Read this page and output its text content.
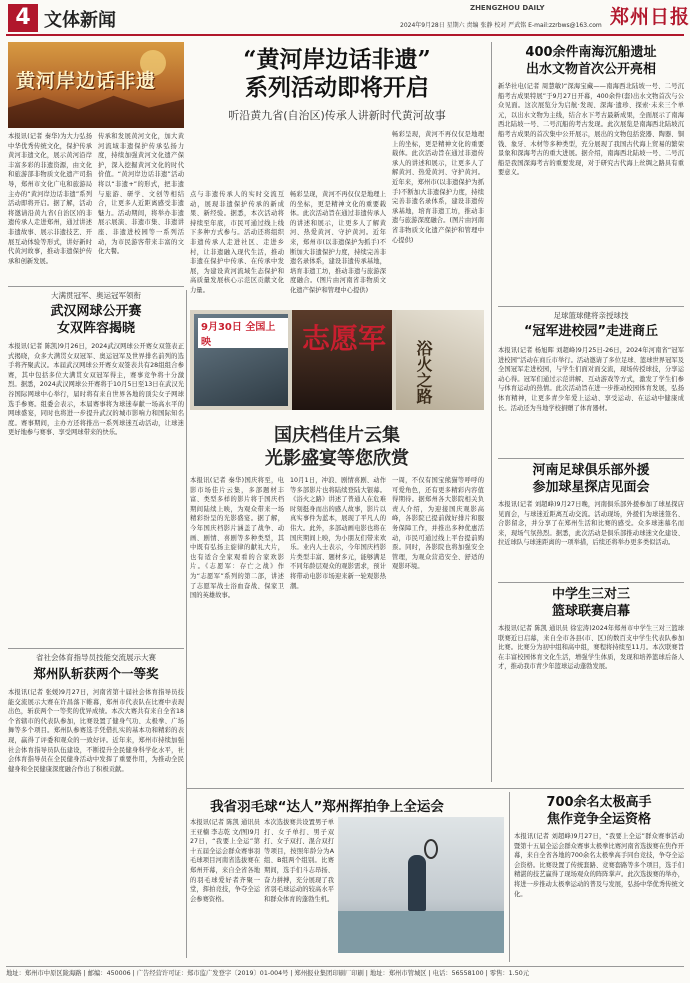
4 文体新闻
ZHENGZHOU DAILY	郑州日报
2024年9月28日 星期六 责编 张静 校对 严武铭 E-mail:zzrbws@163.com
黄河岸边话非遗
“黄河岸边话非遗”
系列活动即将开启
听沿黄九省(自治区)传承人讲新时代黄河故事
本报讯(记者 秦华)为大力弘扬中华优秀传统文化，保护传承黄河非遗文化，展示黄河沿岸丰富多彩的非遗资源，由文化和旅游部非物质文化遗产司指导，郑州市文化广电和旅游局主办的“黄河岸边话非遗”系列活动即将开启。据了解，活动将邀请沿黄九省(自治区)的非遗传承人走进郑州，通过讲述非遗故事、展示非遗技艺、开展互动体验等形式，讲好新时代黄河故事，推动非遗保护传承和创新发展。
传承和发展黄河文化，加大黄河流域非遗保护传承弘扬力度，持续加强黄河文化遗产保护，深入挖掘黄河文化的时代价值。“黄河岸边话非遗”活动将以“非遗+”的形式，把非遗与旅游、研学、文创等相结合，让更多人近距离感受非遗魅力。活动期间，将举办非遗展示展演、非遗市集、非遗讲座、非遗进校园等一系列活动，为市民游客带来丰富的文化大餐。
点与非遗传承人的实时交流互动，展现非遗保护传承的新成果、新经验。据悉，本次活动将持续至年底，市民可通过线上线下多种方式参与。活动还将组织非遗传承人走进社区、走进乡村，让非遗融入现代生活，推动非遗在保护中传承、在传承中发展，为建设黄河流域生态保护和高质量发展核心示范区贡献文化力量。
畅彩呈现，黄河不再仅仅是地理上的坐标，更是精神文化的重要载体。此次活动旨在通过非遗传承人的讲述和展示，让更多人了解黄河、热爱黄河、守护黄河。近年来，郑州市(以非遗保护为抓手)不断加大非遗保护力度，持续完善非遗名录体系，建设非遗传承基地，培育非遗工坊，推动非遗与旅游深度融合。(图片由河南省非物质文化遗产保护和管理中心提供)
畅彩呈现，黄河不再仅仅是地理上的坐标，更是精神文化的重要载体。此次活动旨在通过非遗传承人的讲述和展示，让更多人了解黄河、热爱黄河、守护黄河。近年来，郑州市(以非遗保护为抓手)不断加大非遗保护力度，持续完善非遗名录体系，建设非遗传承基地，培育非遗工坊，推动非遗与旅游深度融合。(图片由河南省非物质文化遗产保护和管理中心提供)
大满贯冠军、奥运冠军领衔
武汉网球公开赛
女双阵容揭晓
本报讯(记者 陈凯)9月26日，2024武汉网球公开赛女双签表正式揭晓，众多大满贯女双冠军、奥运冠军及世界排名前列的选手将齐聚武汉。本届武汉网球公开赛女双签表共有28组组合参赛，其中包括多位大满贯女双冠军得主，赛事竞争将十分激烈。据悉，2024武汉网球公开赛将于10月5日至13日在武汉光谷国际网球中心举行，届时将有来自世界各地的顶尖女子网球选手参赛。组委会表示，本届赛事将为球迷奉献一场高水平的网球盛宴，同时也将进一步提升武汉的城市影响力和国际知名度。赛事期间，主办方还将推出一系列球迷互动活动，让球迷更好地参与赛事、享受网球带来的快乐。
省社会体育指导员技能交流展示大赛
郑州队斩获两个一等奖
本报讯(记者 张媛)9月27日，河南省第十届社会体育指导员技能交流展示大赛在许昌落下帷幕，郑州市代表队在比赛中表现出色，斩获两个一等奖的优异成绩。本次大赛共有来自全省18个省辖市的代表队参加，比赛设置了健身气功、太极拳、广场舞等多个项目。郑州队参赛选手凭借扎实的基本功和精彩的表现，赢得了评委和观众的一致好评。近年来，郑州市持续加强社会体育指导员队伍建设，不断提升全民健身科学化水平，社会体育指导员在全民健身活动中发挥了重要作用，为推动全民健身和全民健康深度融合作出了积极贡献。
9月30日 全国上映	志愿军
浴火之路
国庆档佳片云集
光影盛宴等您欣赏
本报讯(记者 秦华)国庆将至，电影市场佳片云集，多部题材丰富、类型多样的影片将于国庆档期间陆续上映，为观众带来一场精彩纷呈的光影盛宴。据了解，今年国庆档影片涵盖了战争、动画、剧情、喜剧等多种类型，其中既有弘扬主旋律的献礼大片，也有适合全家观看的合家欢影片。《志愿军：存亡之战》作为“志愿军”系列的第二部，讲述了志愿军战士浴血奋战、保家卫国的英雄故事。
10月1日，冲浪、剧情喜剧、动作等多部影片也将陆续登陆大银幕。《浴火之路》讲述了普通人在危难时刻挺身而出的感人故事，影片以真实事件为蓝本，展现了平凡人的伟大。此外，多部动画电影也将在国庆期间上映，为小朋友们带来欢乐。业内人士表示，今年国庆档影片类型丰富、题材多元，能够满足不同年龄层观众的观影需求，预计将带动电影市场迎来新一轮观影热潮。
一周，不仅有国宝熊猫等呼呼的可爱角色，还有更多精彩内容值得期待。据郑州各大影院相关负责人介绍，为迎接国庆观影高峰，各影院已提前做好排片和服务保障工作，并推出多种优惠活动，市民可通过线上平台提前购票。同时，各影院也将加强安全管理，为观众营造安全、舒适的观影环境。
400余件南海沉船遗址
出水文物首次公开亮相
新华社电(记者 周慧敏)“深海宝藏——南海西北陆坡一号、二号沉船考古成果特展”于9月27日开幕，400余件(套)出水文物首次与公众见面。这次展览分为启航·发现、深海·遗珍、探索·未来三个单元，以出水文物为主线，结合水下考古最新成果，全面展示了南海西北陆坡一号、二号沉船的考古发现。此次展览是南海西北陆坡沉船考古成果的首次集中公开展示，展出的文物包括瓷器、陶器、铜钱、象牙、木材等多种类型，充分展现了我国古代海上贸易的繁荣景象和深海考古的重大进展。据介绍，南海西北陆坡一号、二号沉船是我国深海考古的重要发现，对于研究古代海上丝绸之路具有重要意义。
足球篮球健将亲授球技
“冠军进校园”走进商丘
本报讯(记者 杨旭晖 刘超峰)9月25日-26日，2024年河南省“冠军进校园”活动在商丘市举行。活动邀请了多位足球、篮球世界冠军及全国冠军走进校园，与学生们面对面交流，现场传授球技，分享运动心得。冠军们通过示范讲解、互动游戏等方式，激发了学生们参与体育运动的热情。此次活动旨在进一步推动校园体育发展，弘扬体育精神，让更多青少年爱上运动、享受运动、在运动中健康成长。活动还为当地学校捐赠了体育器材。
河南足球俱乐部外援
参加球星探店见面会
本报讯(记者 刘超峰)9月27日晚，河南俱乐部外援参加了球星探店见面会，与球迷近距离互动交流。活动现场，外援们为球迷签名、合影留念，并分享了在郑州生活和比赛的感受。众多球迷慕名而来，现场气氛热烈。据悉，此次活动是俱乐部推动球迷文化建设、拉近球队与球迷距离的一项举措，后续还将举办更多类似活动。
中学生三对三
篮球联赛启幕
本报讯(记者 陈凯 通讯员 徐宏涛)2024年郑州市中学生三对三篮球联赛近日启幕，来自全市各县(市、区)的数百支中学生代表队参加比赛。比赛分为初中组和高中组，赛程将持续至11月。本次联赛旨在丰富校园体育文化生活，增强学生体质，发现和培养篮球后备人才，推动我市青少年篮球运动蓬勃发展。
700余名太极高手
焦作竞争全运资格
本报讯(记者 刘超峰)9月27日，“我要上全运”群众赛事活动暨第十五届全运会群众赛事太极拳比赛河南省选拔赛在焦作开幕，来自全省各地的700余名太极拳高手同台竞技，争夺全运会资格。比赛设置了传统套路、竞赛套路等多个项目，选手们精湛的技艺赢得了现场观众的阵阵掌声。此次选拔赛的举办，将进一步推动太极拳运动的普及与发展，弘扬中华优秀传统文化。
我省羽毛球“达人”郑州挥拍争上全运会
本报讯(记者 陈凯 通讯员 王亚楠 李志乾 文/图)9月27日，“我要上全运”第十五届全运会群众赛事羽毛球项目河南省选拔赛在郑州开幕，来自全省各地的羽毛球爱好者齐聚一堂，挥拍竞技，争夺全运会参赛资格。
本次选拔赛共设置男子单打、女子单打、男子双打、女子双打、混合双打等项目，按照年龄分为A组、B组两个组别。比赛期间，选手们斗志昂扬、奋力拼搏，充分展现了我省羽毛球运动的较高水平和群众体育的蓬勃生机。
地址：郑州市中原区陇海路 | 邮编：450006 | 广告经营许可证：郑市监广发登字〔2019〕01-004号 | 郑州报业集团印刷厂印刷 | 地址：郑州市管城区 | 电话：56558100 | 零售：1.50元
